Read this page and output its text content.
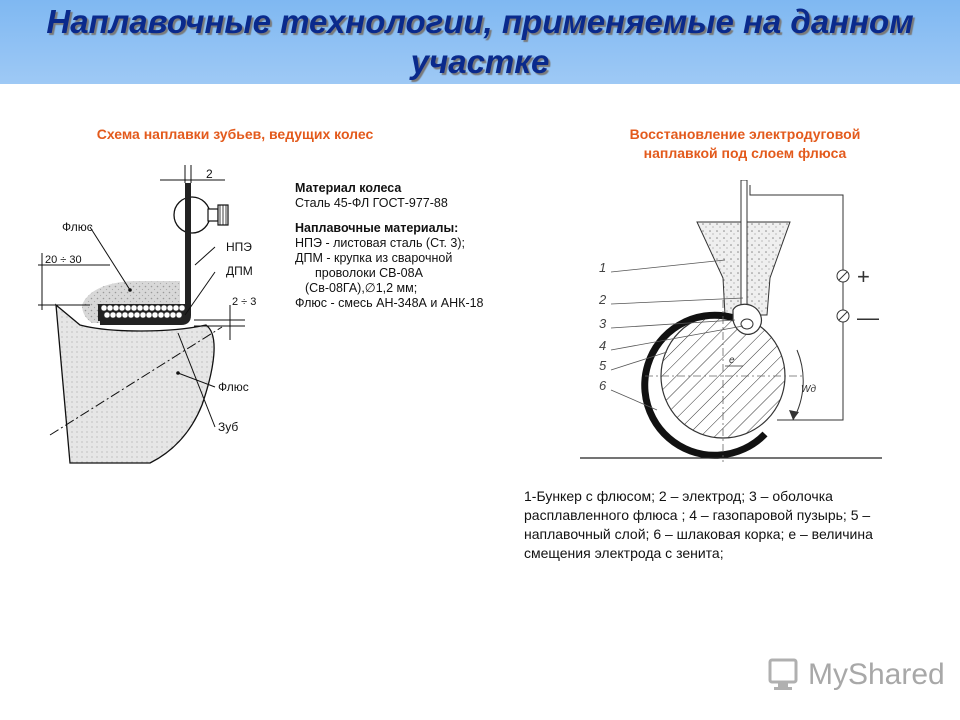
Наплавочные технологии, применяемые на данном участке
Схема наплавки зубьев, ведущих колес	Восстановление электродуговой
наплавкой под слоем флюса
2
20 ÷ 30
2 ÷ 3
Флюс
НПЭ
ДПМ
Флюс
Зуб
Материал колеса
Сталь 45-ФЛ ГОСТ-977-88
Наплавочные материалы:
НПЭ - листовая сталь (Ст. 3);
ДПМ - крупка из сварочной
проволоки СВ-08А
(Св-08ГА),∅1,2 мм;
Флюс - смесь АН-348А и АНК-18
+
—
e
Wд
1
2
3
4
5
6
1-Бункер с флюсом; 2 – электрод; 3 – оболочка расплавленного флюса ; 4 – газопаровой пузырь; 5 – наплавочный слой; 6 – шлаковая корка; е – величина смещения электрода с зенита;
MyShared
